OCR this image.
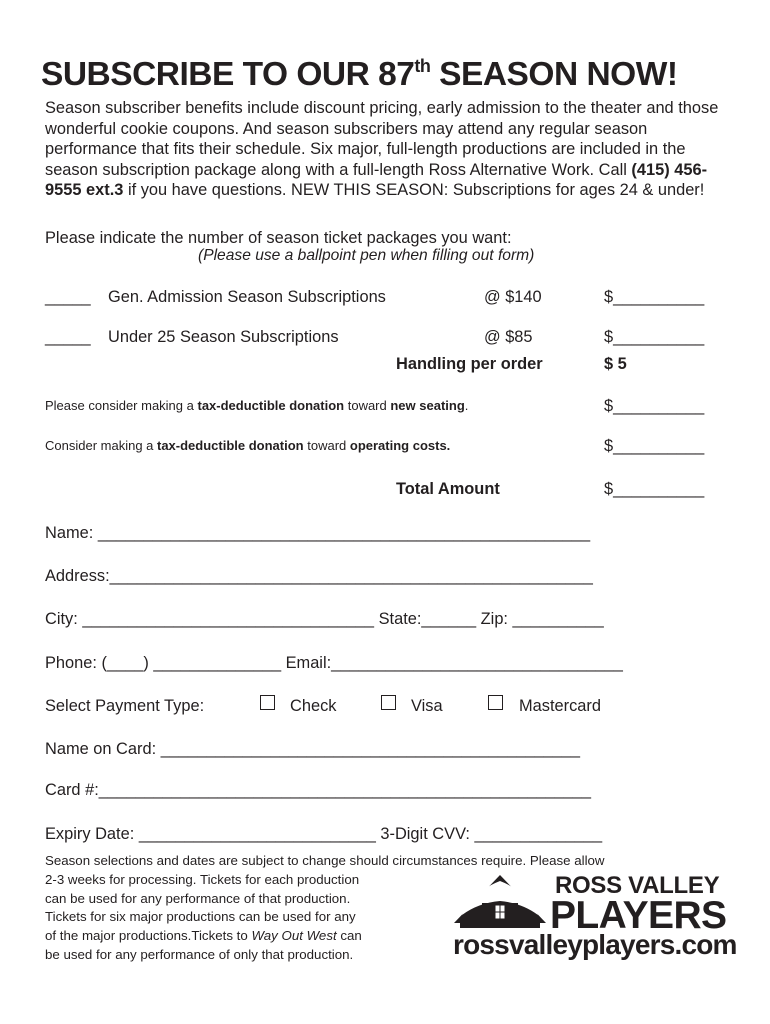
SUBSCRIBE TO OUR 87th SEASON NOW!
Season subscriber benefits include discount pricing, early admission to the theater and those wonderful cookie coupons. And season subscribers may attend any regular season performance that fits their schedule. Six major, full-length productions are included in the season subscription package along with a full-length Ross Alternative Work. Call (415) 456-9555 ext.3 if you have questions. NEW THIS SEASON: Subscriptions for ages 24 & under!
Please indicate the number of season ticket packages you want:
(Please use a ballpoint pen when filling out form)
_____ Gen. Admission Season Subscriptions	@ $140	$__________
_____ Under 25 Season Subscriptions	@ $85	$__________
Handling per order	$ 5
Please consider making a tax-deductible donation toward new seating.	$__________
Consider making a tax-deductible donation toward operating costs.	$__________
Total Amount	$__________
Name: ______________________________________________________
Address:_____________________________________________________
City: ________________________________ State:______ Zip: __________
Phone: (____) ______________ Email:________________________________
Select Payment Type:	Check	Visa	Mastercard
Name on Card: ______________________________________________
Card #:______________________________________________________
Expiry Date: __________________________ 3-Digit CVV: ______________
Season selections and dates are subject to change should circumstances require. Please allow
2-3 weeks for processing. Tickets for each production
can be used for any performance of that production.
Tickets for six major productions can be used for any
of the major productions.Tickets to Way Out West can
be used for any performance of only that production.
ROSS VALLEY
PLAYERS
rossvalleyplayers.com
